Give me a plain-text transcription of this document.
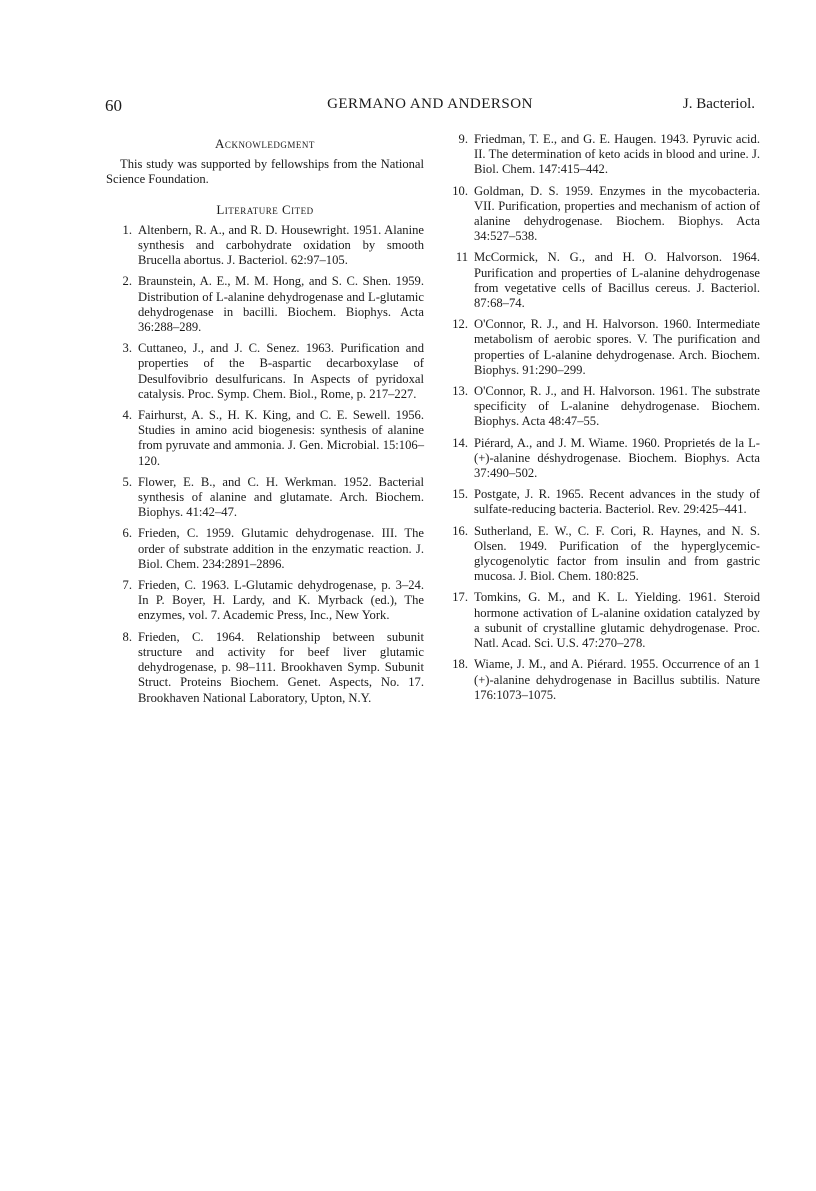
60	GERMANO AND ANDERSON	J. Bacteriol.
Acknowledgment

This study was supported by fellowships from the National Science Foundation.

Literature Cited
1. Altenbern, R. A., and R. D. Housewright. 1951. Alanine synthesis and carbohydrate oxidation by smooth Brucella abortus. J. Bacteriol. 62:97–105.
2. Braunstein, A. E., M. M. Hong, and S. C. Shen. 1959. Distribution of L-alanine dehydrogenase and L-glutamic dehydrogenase in bacilli. Biochem. Biophys. Acta 36:288–289.
3. Cuttaneo, J., and J. C. Senez. 1963. Purification and properties of the B-aspartic decarboxylase of Desulfovibrio desulfuricans. In Aspects of pyridoxal catalysis. Proc. Symp. Chem. Biol., Rome, p. 217–227.
4. Fairhurst, A. S., H. K. King, and C. E. Sewell. 1956. Studies in amino acid biogenesis: synthesis of alanine from pyruvate and ammonia. J. Gen. Microbial. 15:106–120.
5. Flower, E. B., and C. H. Werkman. 1952. Bacterial synthesis of alanine and glutamate. Arch. Biochem. Biophys. 41:42–47.
6. Frieden, C. 1959. Glutamic dehydrogenase. III. The order of substrate addition in the enzymatic reaction. J. Biol. Chem. 234:2891–2896.
7. Frieden, C. 1963. L-Glutamic dehydrogenase, p. 3–24. In P. Boyer, H. Lardy, and K. Myrback (ed.), The enzymes, vol. 7. Academic Press, Inc., New York.
8. Frieden, C. 1964. Relationship between subunit structure and activity for beef liver glutamic dehydrogenase, p. 98–111. Brookhaven Symp. Subunit Struct. Proteins Biochem. Genet. Aspects, No. 17. Brookhaven National Laboratory, Upton, N.Y.
9. Friedman, T. E., and G. E. Haugen. 1943. Pyruvic acid. II. The determination of keto acids in blood and urine. J. Biol. Chem. 147:415–442.
10. Goldman, D. S. 1959. Enzymes in the mycobacteria. VII. Purification, properties and mechanism of action of alanine dehydrogenase. Biochem. Biophys. Acta 34:527–538.
11 McCormick, N. G., and H. O. Halvorson. 1964. Purification and properties of L-alanine dehydrogenase from vegetative cells of Bacillus cereus. J. Bacteriol. 87:68–74.
12. O'Connor, R. J., and H. Halvorson. 1960. Intermediate metabolism of aerobic spores. V. The purification and properties of L-alanine dehydrogenase. Arch. Biochem. Biophys. 91:290–299.
13. O'Connor, R. J., and H. Halvorson. 1961. The substrate specificity of L-alanine dehydrogenase. Biochem. Biophys. Acta 48:47–55.
14. Piérard, A., and J. M. Wiame. 1960. Proprietés de la L-(+)-alanine déshydrogenase. Biochem. Biophys. Acta 37:490–502.
15. Postgate, J. R. 1965. Recent advances in the study of sulfate-reducing bacteria. Bacteriol. Rev. 29:425–441.
16. Sutherland, E. W., C. F. Cori, R. Haynes, and N. S. Olsen. 1949. Purification of the hyperglycemic-glycogenolytic factor from insulin and from gastric mucosa. J. Biol. Chem. 180:825.
17. Tomkins, G. M., and K. L. Yielding. 1961. Steroid hormone activation of L-alanine oxidation catalyzed by a subunit of crystalline glutamic dehydrogenase. Proc. Natl. Acad. Sci. U.S. 47:270–278.
18. Wiame, J. M., and A. Piérard. 1955. Occurrence of an 1 (+)-alanine dehydrogenase in Bacillus subtilis. Nature 176:1073–1075.
